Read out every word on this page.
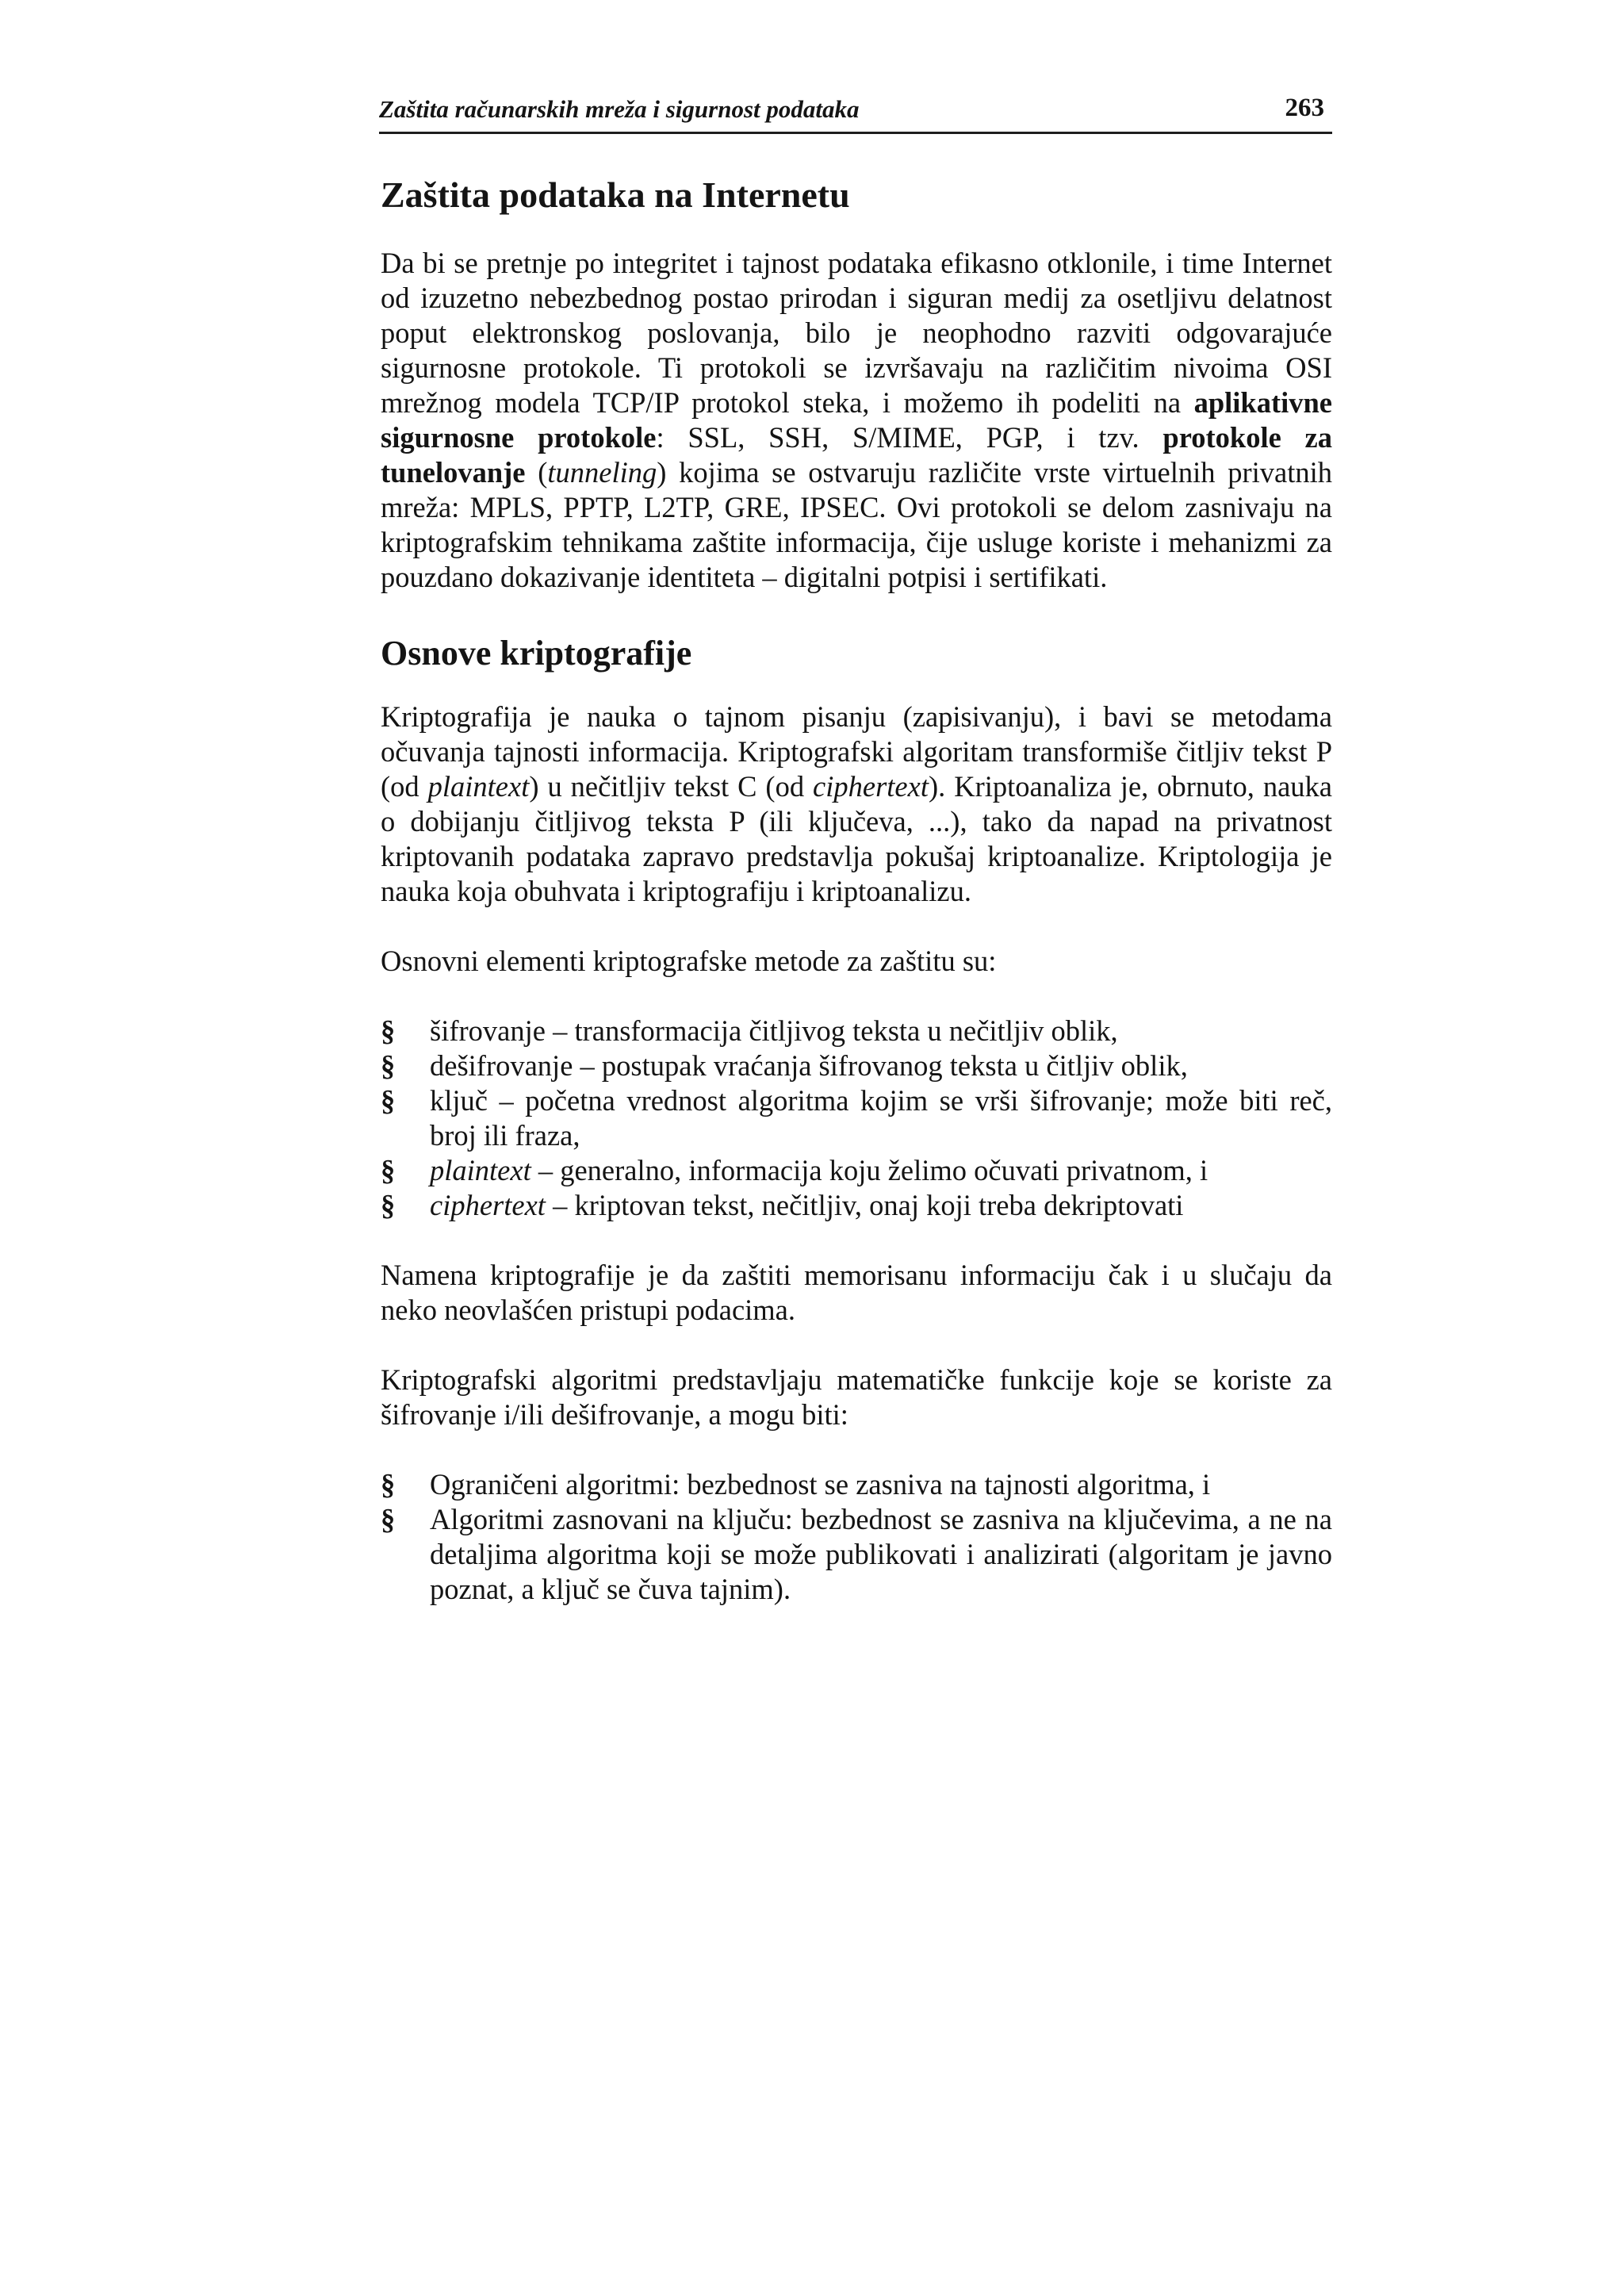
Zaštita računarskih mreža i sigurnost podataka	263
Zaštita podataka na Internetu

Da bi se pretnje po integritet i tajnost podataka efikasno otklonile, i time Internet od izuzetno nebezbednog postao prirodan i siguran medij za osetljivu delatnost poput elektronskog poslovanja, bilo je neophodno razviti odgovarajuće sigurnosne protokole. Ti protokoli se izvršavaju na različitim nivoima OSI mrežnog modela TCP/IP protokol steka, i možemo ih podeliti na aplikativne sigurnosne protokole: SSL, SSH, S/MIME, PGP, i tzv. protokole za tunelovanje (tunneling) kojima se ostvaruju različite vrste virtuelnih privatnih mreža: MPLS, PPTP, L2TP, GRE, IPSEC. Ovi protokoli se delom zasnivaju na kriptografskim tehnikama zaštite informacija, čije usluge koriste i mehanizmi za pouzdano dokazivanje identiteta – digitalni potpisi i sertifikati.

Osnove kriptografije

Kriptografija je nauka o tajnom pisanju (zapisivanju), i bavi se metodama očuvanja tajnosti informacija. Kriptografski algoritam transformiše čitljiv tekst P (od plaintext) u nečitljiv tekst C (od ciphertext). Kriptoanaliza je, obrnuto, nauka o dobijanju čitljivog teksta P (ili ključeva, ...), tako da napad na privatnost kriptovanih podataka zapravo predstavlja pokušaj kriptoanalize. Kriptologija je nauka koja obuhvata i kriptografiju i kriptoanalizu.

Osnovni elementi kriptografske metode za zaštitu su:

§	šifrovanje – transformacija čitljivog teksta u nečitljiv oblik,
§	dešifrovanje – postupak vraćanja šifrovanog teksta u čitljiv oblik,
§	ključ – početna vrednost algoritma kojim se vrši šifrovanje; može biti reč, broj ili fraza,
§	plaintext – generalno, informacija koju želimo očuvati privatnom, i
§	ciphertext – kriptovan tekst, nečitljiv, onaj koji treba dekriptovati

Namena kriptografije je da zaštiti memorisanu informaciju čak i u slučaju da neko neovlašćen pristupi podacima.

Kriptografski algoritmi predstavljaju matematičke funkcije koje se koriste za šifrovanje i/ili dešifrovanje, a mogu biti:

§	Ograničeni algoritmi: bezbednost se zasniva na tajnosti algoritma, i
§	Algoritmi zasnovani na ključu: bezbednost se zasniva na ključevima, a ne na detaljima algoritma koji se može publikovati i analizirati (algoritam je javno poznat, a ključ se čuva tajnim).
